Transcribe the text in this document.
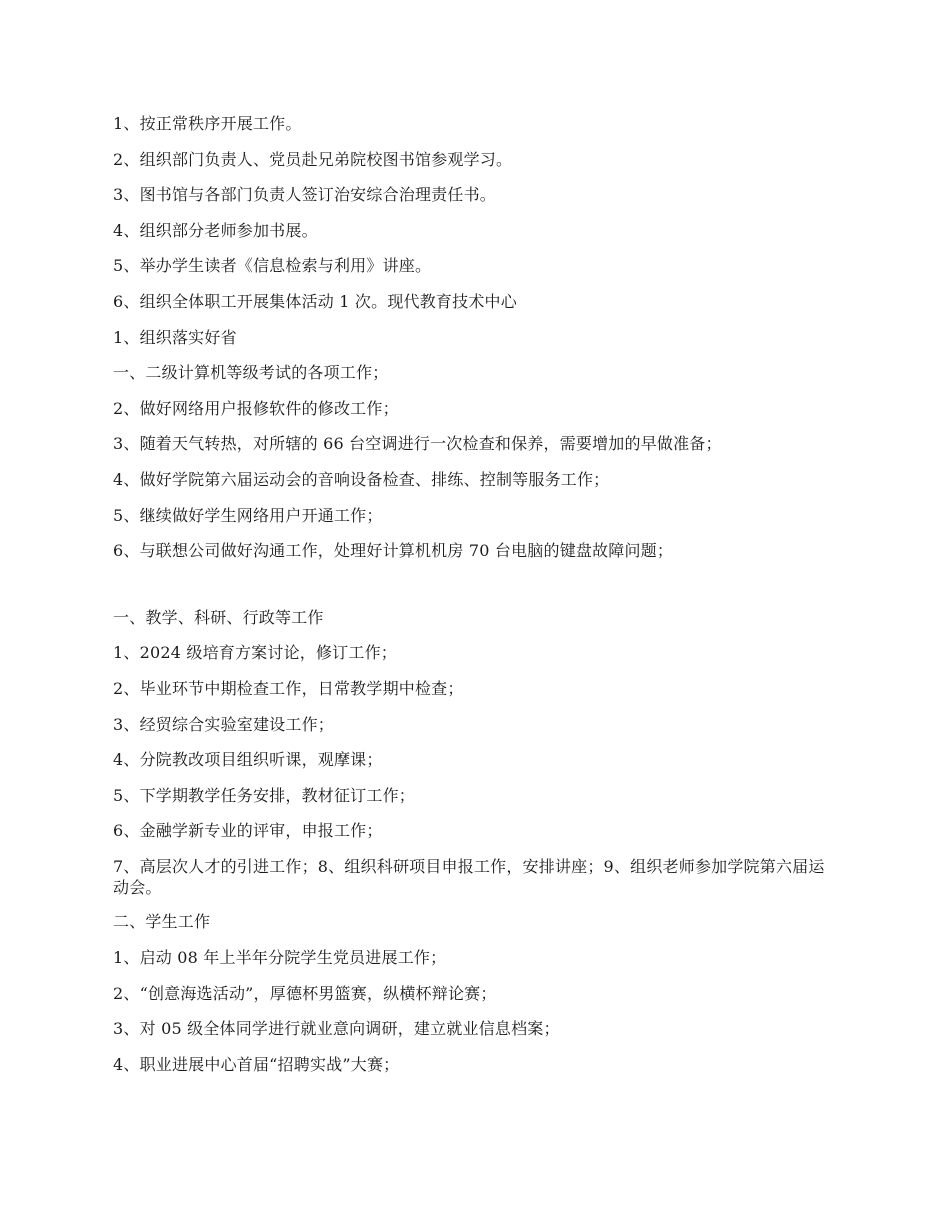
1、按正常秩序开展工作。

2、组织部门负责人、党员赴兄弟院校图书馆参观学习。

3、图书馆与各部门负责人签订治安综合治理责任书。

4、组织部分老师参加书展。

5、举办学生读者《信息检索与利用》讲座。

6、组织全体职工开展集体活动 1 次。现代教育技术中心

1、组织落实好省

一、二级计算机等级考试的各项工作；

2、做好网络用户报修软件的修改工作；

3、随着天气转热，对所辖的 66 台空调进行一次检查和保养，需要增加的早做准备；

4、做好学院第六届运动会的音响设备检查、排练、控制等服务工作；

5、继续做好学生网络用户开通工作；

6、与联想公司做好沟通工作，处理好计算机机房 70 台电脑的键盘故障问题；

一、教学、科研、行政等工作

1、2024 级培育方案讨论，修订工作；

2、毕业环节中期检查工作，日常教学期中检查；

3、经贸综合实验室建设工作；

4、分院教改项目组织听课，观摩课；

5、下学期教学任务安排，教材征订工作；

6、金融学新专业的评审，申报工作；

7、高层次人才的引进工作；8、组织科研项目申报工作，安排讲座；9、组织老师参加学院第六届运动会。

二、学生工作

1、启动 08 年上半年分院学生党员进展工作；

2、“创意海选活动”，厚德杯男篮赛，纵横杯辩论赛；

3、对 05 级全体同学进行就业意向调研，建立就业信息档案；

4、职业进展中心首届“招聘实战”大赛；
